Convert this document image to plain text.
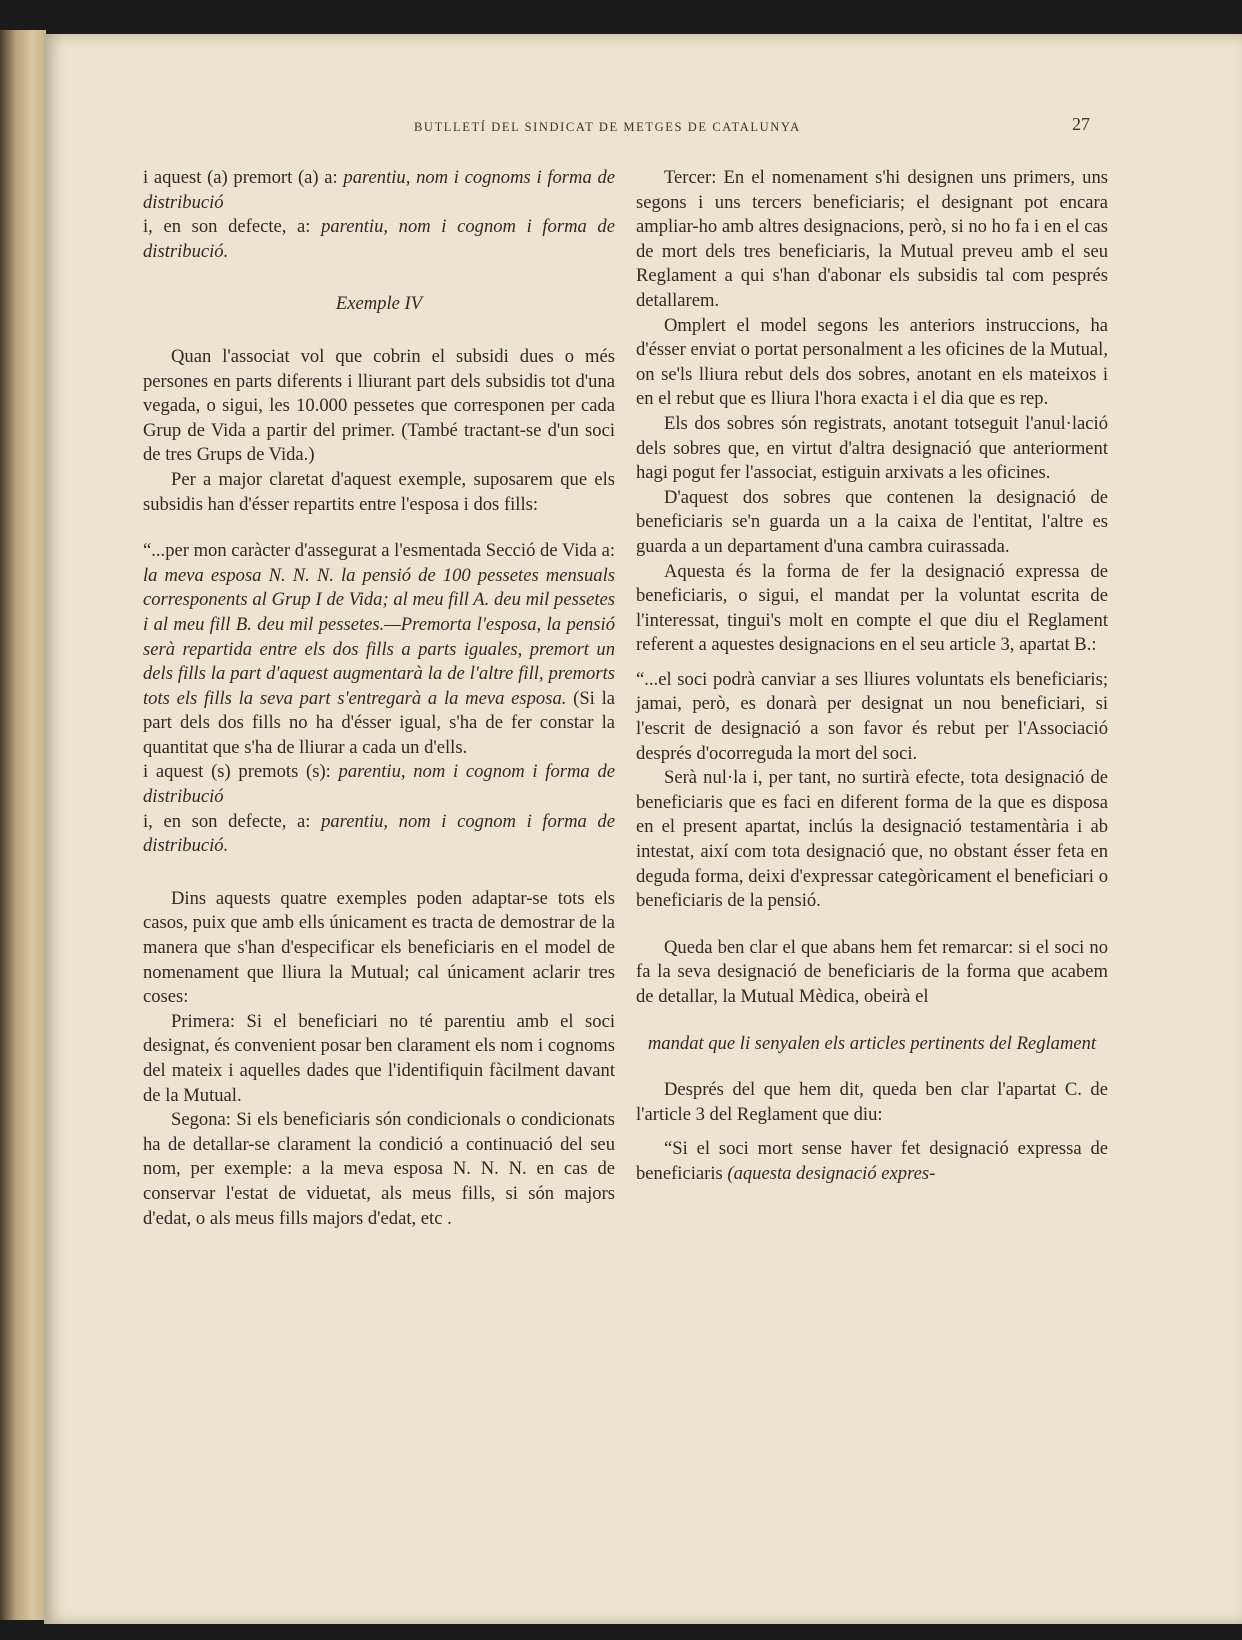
BUTLLETÍ DEL SINDICAT DE METGES DE CATALUNYA	27

i aquest (a) premort (a) a: parentiu, nom i cognoms i forma de distribució

i, en son defecte, a: parentiu, nom i cognom i forma de distribució.

Exemple IV

Quan l'associat vol que cobrin el subsidi dues o més persones en parts diferents i lliurant part dels subsidis tot d'una vegada, o sigui, les 10.000 pessetes que corresponen per cada Grup de Vida a partir del primer. (També tractant-se d'un soci de tres Grups de Vida.)

Per a major claretat d'aquest exemple, suposarem que els subsidis han d'ésser repartits entre l'esposa i dos fills:

“...per mon caràcter d'assegurat a l'esmentada Secció de Vida a: la meva esposa N. N. N. la pensió de 100 pessetes mensuals corresponents al Grup I de Vida; al meu fill A. deu mil pessetes i al meu fill B. deu mil pessetes.—Premorta l'esposa, la pensió serà repartida entre els dos fills a parts iguales, premort un dels fills la part d'aquest augmentarà la de l'altre fill, premorts tots els fills la seva part s'entregarà a la meva esposa. (Si la part dels dos fills no ha d'ésser igual, s'ha de fer constar la quantitat que s'ha de lliurar a cada un d'ells.

i aquest (s) premots (s): parentiu, nom i cognom i forma de distribució

i, en son defecte, a: parentiu, nom i cognom i forma de distribució.

Dins aquests quatre exemples poden adaptar-se tots els casos, puix que amb ells únicament es tracta de demostrar de la manera que s'han d'especificar els beneficiaris en el model de nomenament que lliura la Mutual; cal únicament aclarir tres coses:

Primera: Si el beneficiari no té parentiu amb el soci designat, és convenient posar ben clarament els nom i cognoms del mateix i aquelles dades que l'identifiquin fàcilment davant de la Mutual.

Segona: Si els beneficiaris són condicionals o condicionats ha de detallar-se clarament la condició a continuació del seu nom, per exemple: a la meva esposa N. N. N. en cas de conservar l'estat de viduetat, als meus fills, si són majors d'edat, o als meus fills majors d'edat, etc .

Tercer: En el nomenament s'hi designen uns primers, uns segons i uns tercers beneficiaris; el designant pot encara ampliar-ho amb altres designacions, però, si no ho fa i en el cas de mort dels tres beneficiaris, la Mutual preveu amb el seu Reglament a qui s'han d'abonar els subsidis tal com pesprés detallarem.

Omplert el model segons les anteriors instruccions, ha d'ésser enviat o portat personalment a les oficines de la Mutual, on se'ls lliura rebut dels dos sobres, anotant en els mateixos i en el rebut que es lliura l'hora exacta i el dia que es rep.

Els dos sobres són registrats, anotant totseguit l'anul·lació dels sobres que, en virtut d'altra designació que anteriorment hagi pogut fer l'associat, estiguin arxivats a les oficines.

D'aquest dos sobres que contenen la designació de beneficiaris se'n guarda un a la caixa de l'entitat, l'altre es guarda a un departament d'una cambra cuirassada.

Aquesta és la forma de fer la designació expressa de beneficiaris, o sigui, el mandat per la voluntat escrita de l'interessat, tingui's molt en compte el que diu el Reglament referent a aquestes designacions en el seu article 3, apartat B.:

“...el soci podrà canviar a ses lliures voluntats els beneficiaris; jamai, però, es donarà per designat un nou beneficiari, si l'escrit de designació a son favor és rebut per l'Associació després d'ocorreguda la mort del soci.

Serà nul·la i, per tant, no surtirà efecte, tota designació de beneficiaris que es faci en diferent forma de la que es disposa en el present apartat, inclús la designació testamentària i ab intestat, així com tota designació que, no obstant ésser feta en deguda forma, deixi d'expressar categòricament el beneficiari o beneficiaris de la pensió.

Queda ben clar el que abans hem fet remarcar: si el soci no fa la seva designació de beneficiaris de la forma que acabem de detallar, la Mutual Mèdica, obeirà el

mandat que li senyalen els articles pertinents del Reglament

Després del que hem dit, queda ben clar l'apartat C. de l'article 3 del Reglament que diu:

“Si el soci mort sense haver fet designació expressa de beneficiaris (aquesta designació expres-
